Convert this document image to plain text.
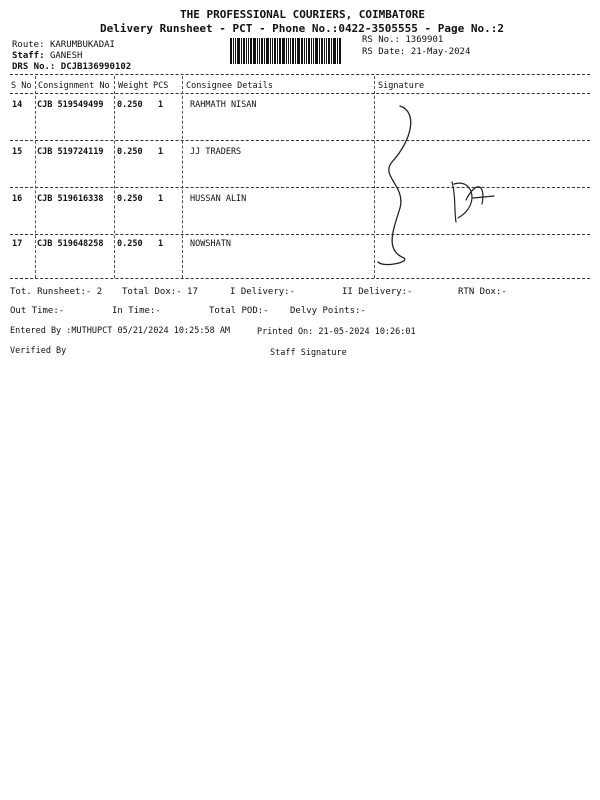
THE PROFESSIONAL COURIERS, COIMBATORE
Delivery Runsheet - PCT - Phone No.:0422-3505555 - Page No.:2
Route: KARUMBUKADAI
Staff: GANESH
DRS No.: DCJB136990102
RS No.: 1369901
RS Date: 21-May-2024
S No Consignment No Weight PCS Consignee Details	Signature
14 CJB 519549499 0.250 1	RAHMATH NISAN
15 CJB 519724119 0.250 1	JJ TRADERS
16 CJB 519616338 0.250 1	HUSSAN ALIN
17 CJB 519648258 0.250 1	NOWSHATN
Tot. Runsheet:- 2 Total Dox:- 17	I Delivery:-	II Delivery:-	RTN Dox:-
Out Time:-	In Time:-	Total POD:- Delvy Points:-
Entered By :MUTHUPCT 05/21/2024 10:25:58 AM	Printed On: 21-05-2024 10:26:01
Verified By	Staff Signature
